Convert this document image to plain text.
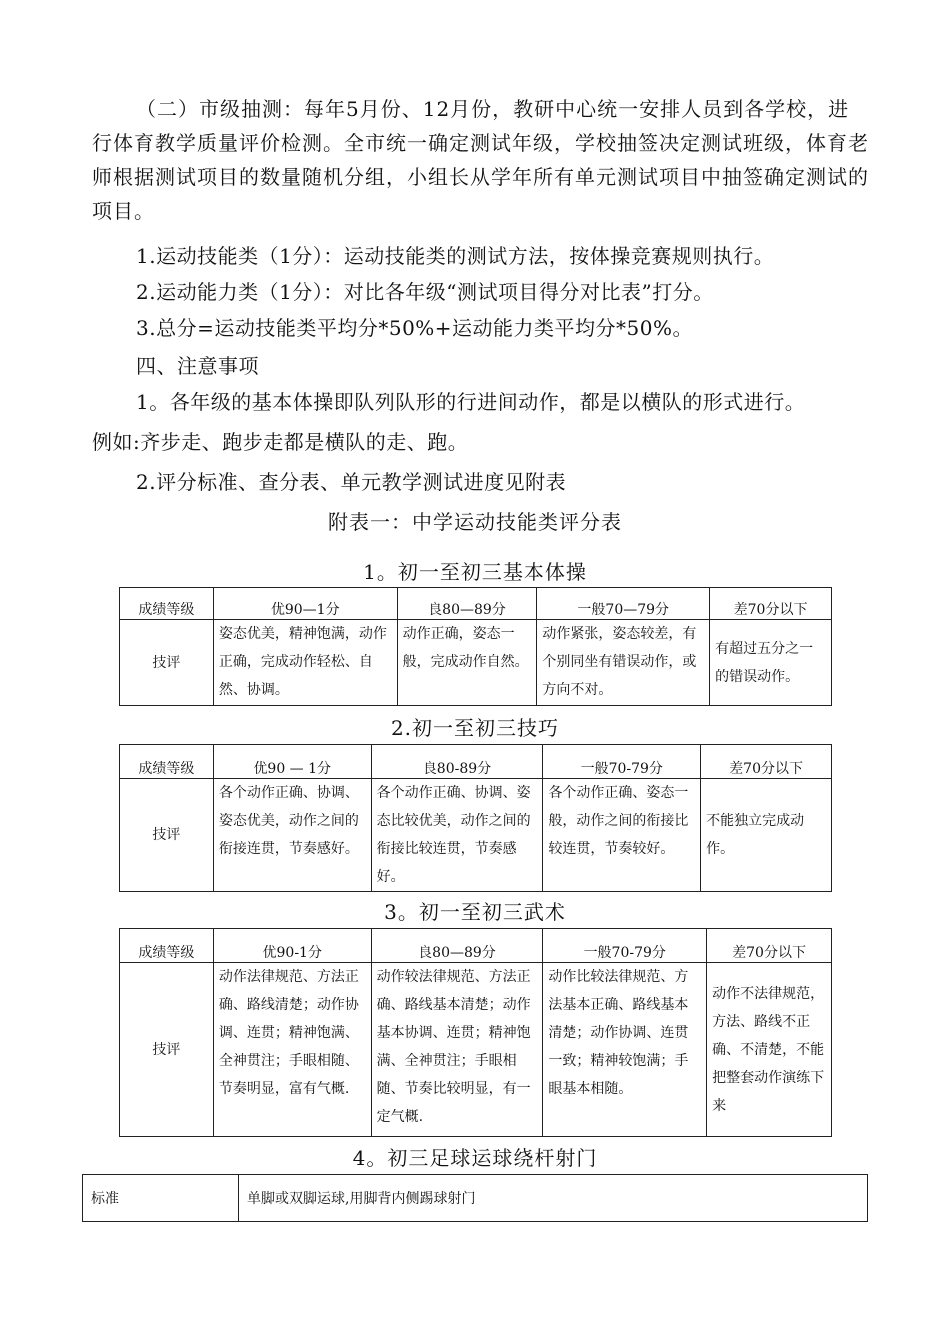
（二）市级抽测：每年5月份、12月份，教研中心统一安排人员到各学校，进行体育教学质量评价检测。全市统一确定测试年级，学校抽签决定测试班级，体育老师根据测试项目的数量随机分组，小组长从学年所有单元测试项目中抽签确定测试的项目。
1.运动技能类（1分）：运动技能类的测试方法，按体操竞赛规则执行。
2.运动能力类（1分）：对比各年级“测试项目得分对比表”打分。
3.总分=运动技能类平均分*50%+运动能力类平均分*50%。
四、注意事项
1。各年级的基本体操即队列队形的行进间动作，都是以横队的形式进行。
例如:齐步走、跑步走都是横队的走、跑。
2.评分标准、查分表、单元教学测试进度见附表
附表一：中学运动技能类评分表
1。初一至初三基本体操
成绩等级	优90—1分	良80—89分	一般70—79分	差70分以下
技评	姿态优美，精神饱满，动作正确，完成动作轻松、自然、协调。	动作正确，姿态一般，完成动作自然。	动作紧张，姿态较差，有个别同坐有错误动作，或方向不对。	有超过五分之一的错误动作。
2.初一至初三技巧
成绩等级	优90 — 1分	良80-89分	一般70-79分	差70分以下
技评	各个动作正确、协调、姿态优美，动作之间的衔接连贯，节奏感好。	各个动作正确、协调、姿态比较优美，动作之间的衔接比较连贯，节奏感好。	各个动作正确、姿态一般，动作之间的衔接比较连贯，节奏较好。	不能独立完成动作。
3。初一至初三武术
成绩等级	优90-1分	良80—89分	一般70-79分	差70分以下
技评	动作法律规范、方法正确、路线清楚；动作协调、连贯；精神饱满、全神贯注；手眼相随、节奏明显，富有气概.	动作较法律规范、方法正确、路线基本清楚；动作基本协调、连贯；精神饱满、全神贯注；手眼相随、节奏比较明显，有一定气概.	动作比较法律规范、方法基本正确、路线基本清楚；动作协调、连贯一致；精神较饱满；手眼基本相随。	动作不法律规范，方法、路线不正确、不清楚，不能把整套动作演练下来
4。初三足球运球绕杆射门
标准	单脚或双脚运球,用脚背内侧踢球射门
